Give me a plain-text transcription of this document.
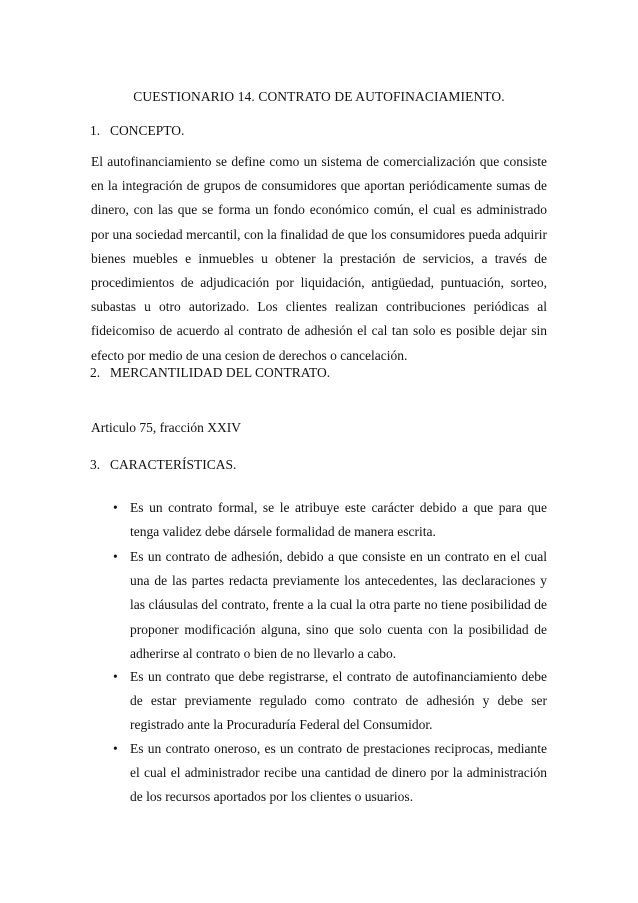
CUESTIONARIO 14. CONTRATO DE AUTOFINACIAMIENTO.
1. CONCEPTO.

El autofinanciamiento se define como un sistema de comercialización que consiste en la integración de grupos de consumidores que aportan periódicamente sumas de dinero, con las que se forma un fondo económico común, el cual es administrado por una sociedad mercantil, con la finalidad de que los consumidores pueda adquirir bienes muebles e inmuebles u obtener la prestación de servicios, a través de procedimientos de adjudicación por liquidación, antigüedad, puntuación, sorteo, subastas u otro autorizado. Los clientes realizan contribuciones periódicas al fideicomiso de acuerdo al contrato de adhesión el cal tan solo es posible dejar sin efecto por medio de una cesion de derechos o cancelación.

2. MERCANTILIDAD DEL CONTRATO.
Articulo 75, fracción XXIV
3. CARACTERÍSTICAS.
• Es un contrato formal, se le atribuye este carácter debido a que para que tenga validez debe dársele formalidad de manera escrita.

• Es un contrato de adhesión, debido a que consiste en un contrato en el cual una de las partes redacta previamente los antecedentes, las declaraciones y las cláusulas del contrato, frente a la cual la otra parte no tiene posibilidad de proponer modificación alguna, sino que solo cuenta con la posibilidad de adherirse al contrato o bien de no llevarlo a cabo.

• Es un contrato que debe registrarse, el contrato de autofinanciamiento debe de estar previamente regulado como contrato de adhesión y debe ser registrado ante la Procuraduría Federal del Consumidor.

• Es un contrato oneroso, es un contrato de prestaciones reciprocas, mediante el cual el administrador recibe una cantidad de dinero por la administración de los recursos aportados por los clientes o usuarios.
